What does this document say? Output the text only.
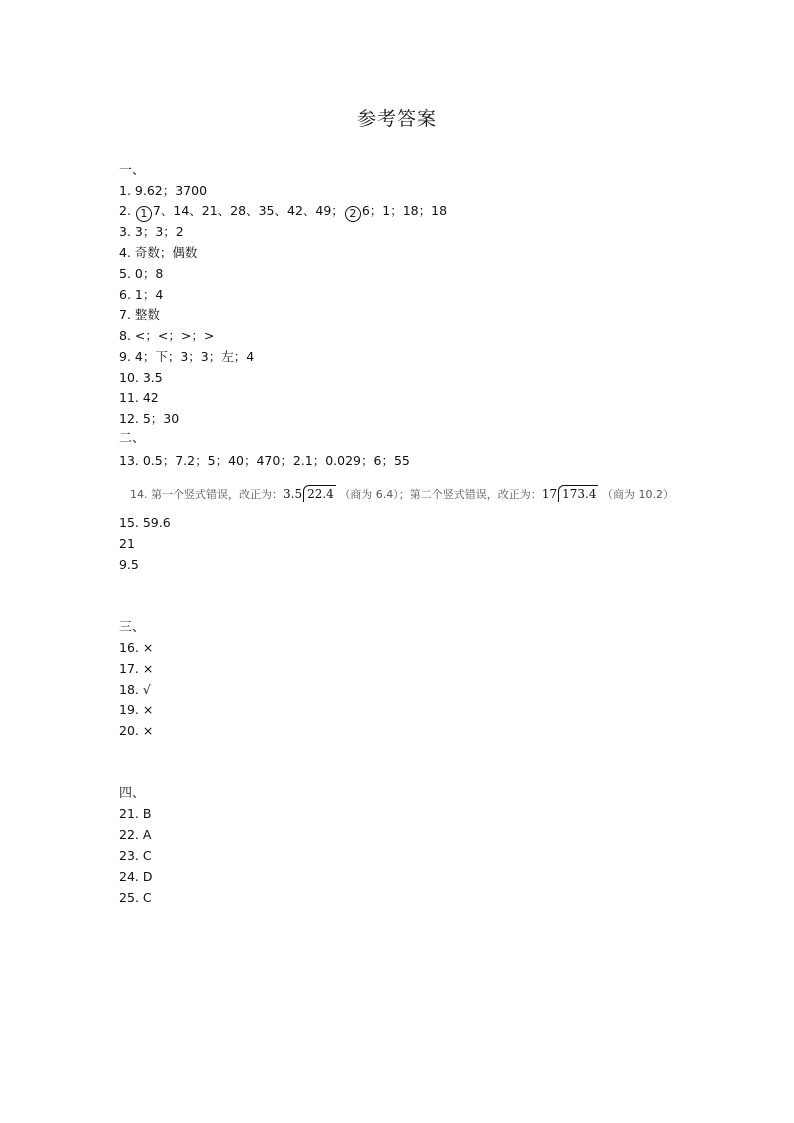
参考答案
一、
1. 9.62；3700
2. 1 7、14、21、28、35、42、49； 2 6；1；18；18
3. 3；3；2
4. 奇数；偶数
5. 0；8
6. 1；4
7. 整数
8. <；<；>；>
9. 4；下；3；3；左；4
10. 3.5
11. 42
12. 5；30
二、
13. 0.5；7.2；5；40；470；2.1；0.029；6；55
14. 第一个竖式错误，改正为：3.5 22.4 （商为 6.4）；第二个竖式错误，改正为：17 173.4 （商为 10.2）
15. 59.6
21
9.5
三、
16. ×
17. ×
18. √
19. ×
20. ×
四、
21. B
22. A
23. C
24. D
25. C
